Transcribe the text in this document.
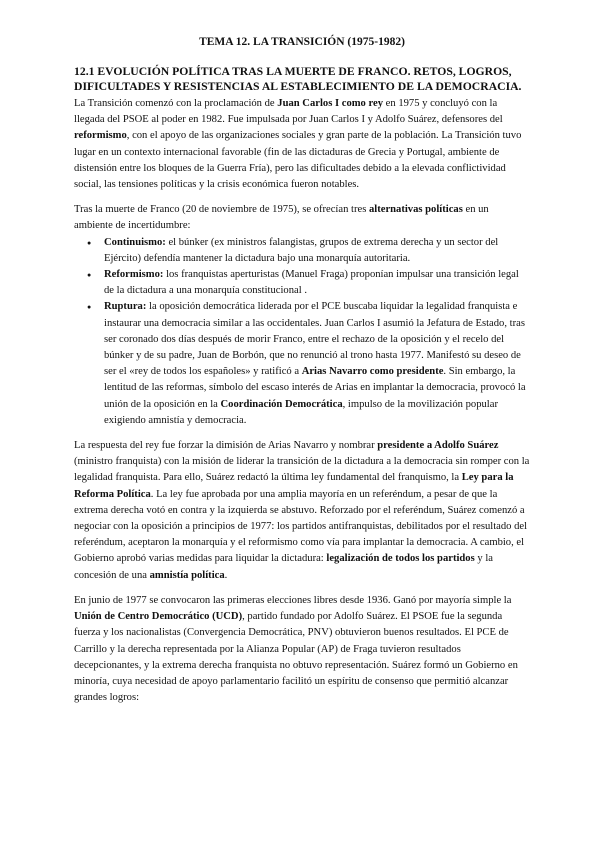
TEMA 12. LA TRANSICIÓN (1975-1982)
12.1 EVOLUCIÓN POLÍTICA TRAS LA MUERTE DE FRANCO. RETOS, LOGROS, DIFICULTADES Y RESISTENCIAS AL ESTABLECIMIENTO DE LA DEMOCRACIA.

La Transición comenzó con la proclamación de Juan Carlos I como rey en 1975 y concluyó con la llegada del PSOE al poder en 1982. Fue impulsada por Juan Carlos I y Adolfo Suárez, defensores del reformismo, con el apoyo de las organizaciones sociales y gran parte de la población. La Transición tuvo lugar en un contexto internacional favorable (fin de las dictaduras de Grecia y Portugal, ambiente de distensión entre los bloques de la Guerra Fría), pero las dificultades debido a la elevada conflictividad social, las tensiones políticas y la crisis económica fueron notables.

Tras la muerte de Franco (20 de noviembre de 1975), se ofrecían tres alternativas políticas en un ambiente de incertidumbre:

● Continuismo: el búnker (ex ministros falangistas, grupos de extrema derecha y un sector del Ejército) defendía mantener la dictadura bajo una monarquía autoritaria.
● Reformismo: los franquistas aperturistas (Manuel Fraga) proponían impulsar una transición legal de la dictadura a una monarquía constitucional .
● Ruptura: la oposición democrática liderada por el PCE buscaba liquidar la legalidad franquista e instaurar una democracia similar a las occidentales. Juan Carlos I asumió la Jefatura de Estado, tras ser coronado dos días después de morir Franco, entre el rechazo de la oposición y el recelo del búnker y de su padre, Juan de Borbón, que no renunció al trono hasta 1977. Manifestó su deseo de ser el «rey de todos los españoles» y ratificó a Arias Navarro como presidente. Sin embargo, la lentitud de las reformas, símbolo del escaso interés de Arias en implantar la democracia, provocó la unión de la oposición en la Coordinación Democrática, impulso de la movilización popular exigiendo amnistía y democracia.

La respuesta del rey fue forzar la dimisión de Arias Navarro y nombrar presidente a Adolfo Suárez (ministro franquista) con la misión de liderar la transición de la dictadura a la democracia sin romper con la legalidad franquista. Para ello, Suárez redactó la última ley fundamental del franquismo, la Ley para la Reforma Política. La ley fue aprobada por una amplia mayoría en un referéndum, a pesar de que la extrema derecha votó en contra y la izquierda se abstuvo. Reforzado por el referéndum, Suárez comenzó a negociar con la oposición a principios de 1977: los partidos antifranquistas, debilitados por el resultado del referéndum, aceptaron la monarquía y el reformismo como vía para implantar la democracia. A cambio, el Gobierno aprobó varias medidas para liquidar la dictadura: legalización de todos los partidos y la concesión de una amnistía política.

En junio de 1977 se convocaron las primeras elecciones libres desde 1936. Ganó por mayoría simple la Unión de Centro Democrático (UCD), partido fundado por Adolfo Suárez. El PSOE fue la segunda fuerza y los nacionalistas (Convergencia Democrática, PNV) obtuvieron buenos resultados. El PCE de Carrillo y la derecha representada por la Alianza Popular (AP) de Fraga tuvieron resultados decepcionantes, y la extrema derecha franquista no obtuvo representación. Suárez formó un Gobierno en minoría, cuya necesidad de apoyo parlamentario facilitó un espíritu de consenso que permitió alcanzar grandes logros:
